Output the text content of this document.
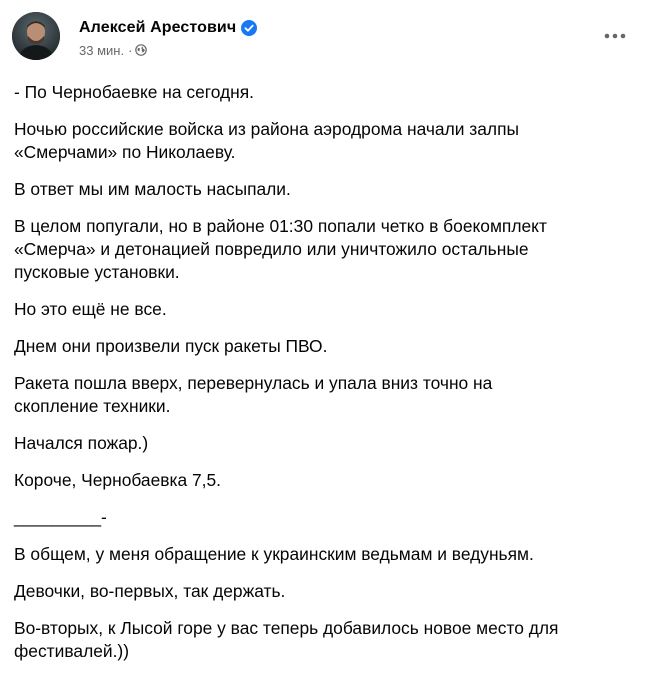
Алексей Арестович
33 мин. ·

- По Чернобаевке на сегодня.

Ночью российские войска из района аэродрома начали залпы
«Смерчами» по Николаеву.

В ответ мы им малость насыпали.

В целом попугали, но в районе 01:30 попали четко в боекомплект
«Смерча» и детонацией повредило или уничтожило остальные
пусковые установки.

Но это ещё не все.

Днем они произвели пуск ракеты ПВО.

Ракета пошла вверх, перевернулась и упала вниз точно на
скопление техники.

Начался пожар.)

Короче, Чернобаевка 7,5.

_________-

В общем, у меня обращение к украинским ведьмам и ведуньям.

Девочки, во-первых, так держать.

Во-вторых, к Лысой горе у вас теперь добавилось новое место для
фестивалей.))
